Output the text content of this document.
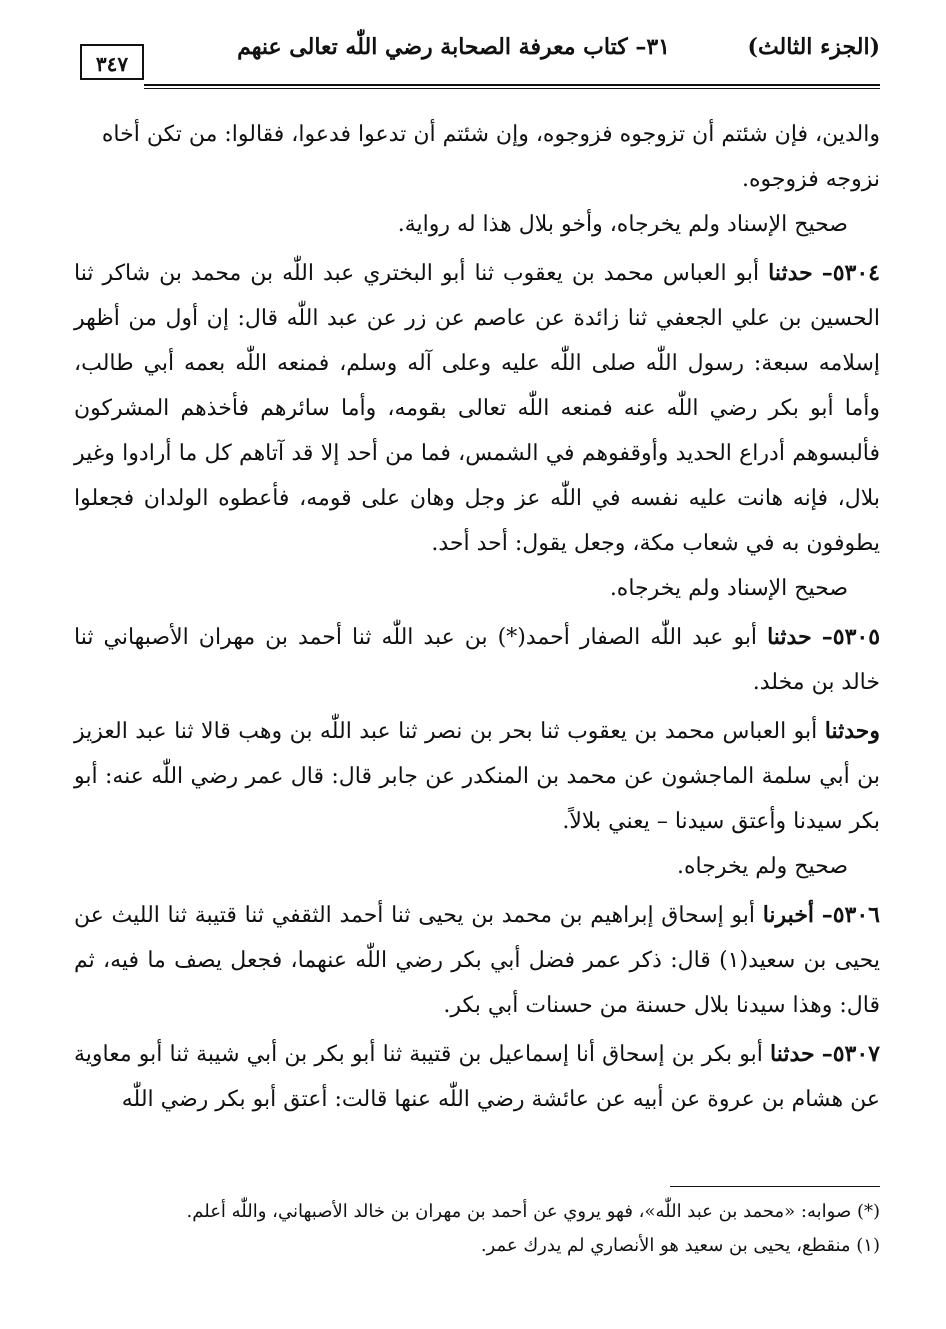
(الجزء الثالث)
٣١– كتاب معرفة الصحابة رضي اللّٰه تعالى عنهم
٣٤٧

والدين، فإن شئتم أن تزوجوه فزوجوه، وإن شئتم أن تدعوا فدعوا، فقالوا: من تكن أخاه
نزوجه فزوجوه.

صحيح الإسناد ولم يخرجاه، وأخو بلال هذا له رواية.

٥٣٠٤– حدثنا أبو العباس محمد بن يعقوب ثنا أبو البختري عبد اللّٰه بن محمد بن شاكر ثنا الحسين بن علي الجعفي ثنا زائدة عن عاصم عن زر عن عبد اللّٰه قال: إن أول من أظهر إسلامه سبعة: رسول اللّٰه صلى اللّٰه عليه وعلى آله وسلم، فمنعه اللّٰه بعمه أبي طالب، وأما أبو بكر رضي اللّٰه عنه فمنعه اللّٰه تعالى بقومه، وأما سائرهم فأخذهم المشركون فألبسوهم أدراع الحديد وأوقفوهم في الشمس، فما من أحد إلا قد آتاهم كل ما أرادوا وغير بلال، فإنه هانت عليه نفسه في اللّٰه عز وجل وهان على قومه، فأعطوه الولدان فجعلوا يطوفون به في شعاب مكة، وجعل يقول: أحد أحد.

صحيح الإسناد ولم يخرجاه.

٥٣٠٥– حدثنا أبو عبد اللّٰه الصفار أحمد(*) بن عبد اللّٰه ثنا أحمد بن مهران الأصبهاني ثنا خالد بن مخلد.

وحدثنا أبو العباس محمد بن يعقوب ثنا بحر بن نصر ثنا عبد اللّٰه بن وهب قالا ثنا عبد العزيز بن أبي سلمة الماجشون عن محمد بن المنكدر عن جابر قال: قال عمر رضي اللّٰه عنه: أبو بكر سيدنا وأعتق سيدنا – يعني بلالاً.

صحيح ولم يخرجاه.

٥٣٠٦– أخبرنا أبو إسحاق إبراهيم بن محمد بن يحيى ثنا أحمد الثقفي ثنا قتيبة ثنا الليث عن يحيى بن سعيد(١) قال: ذكر عمر فضل أبي بكر رضي اللّٰه عنهما، فجعل يصف ما فيه، ثم قال: وهذا سيدنا بلال حسنة من حسنات أبي بكر.

٥٣٠٧– حدثنا أبو بكر بن إسحاق أنا إسماعيل بن قتيبة ثنا أبو بكر بن أبي شيبة ثنا أبو معاوية عن هشام بن عروة عن أبيه عن عائشة رضي اللّٰه عنها قالت: أعتق أبو بكر رضي اللّٰه

(*) صوابه: «محمد بن عبد اللّٰه»، فهو يروي عن أحمد بن مهران بن خالد الأصبهاني، واللّٰه أعلم.

(١) منقطع، يحيى بن سعيد هو الأنصاري لم يدرك عمر.
